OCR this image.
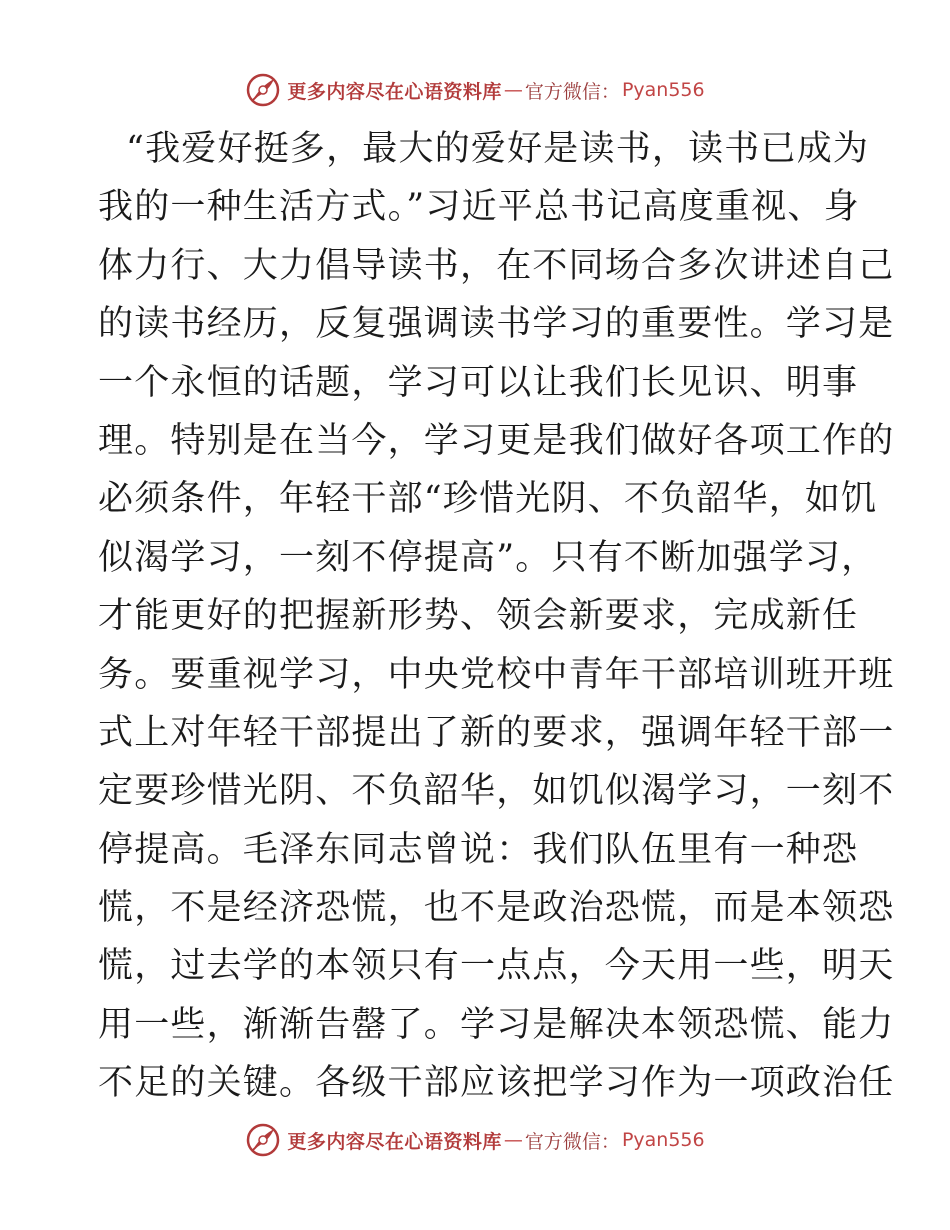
更多内容尽在心语资料库 — 官方微信： Pyan556
“我爱好挺多，最大的爱好是读书，读书已成为
我的一种生活方式。”习近平总书记高度重视、身
体力行、大力倡导读书，在不同场合多次讲述自己
的读书经历，反复强调读书学习的重要性。学习是
一个永恒的话题，学习可以让我们长见识、明事
理。特别是在当今，学习更是我们做好各项工作的
必须条件，年轻干部“珍惜光阴、不负韶华，如饥
似渴学习，一刻不停提高”。只有不断加强学习，
才能更好的把握新形势、领会新要求，完成新任
务。要重视学习，中央党校中青年干部培训班开班
式上对年轻干部提出了新的要求，强调年轻干部一
定要珍惜光阴、不负韶华，如饥似渴学习，一刻不
停提高。毛泽东同志曾说：我们队伍里有一种恐
慌，不是经济恐慌，也不是政治恐慌，而是本领恐
慌，过去学的本领只有一点点，今天用一些，明天
用一些，渐渐告罄了。学习是解决本领恐慌、能力
不足的关键。各级干部应该把学习作为一项政治任
更多内容尽在心语资料库 — 官方微信： Pyan556
